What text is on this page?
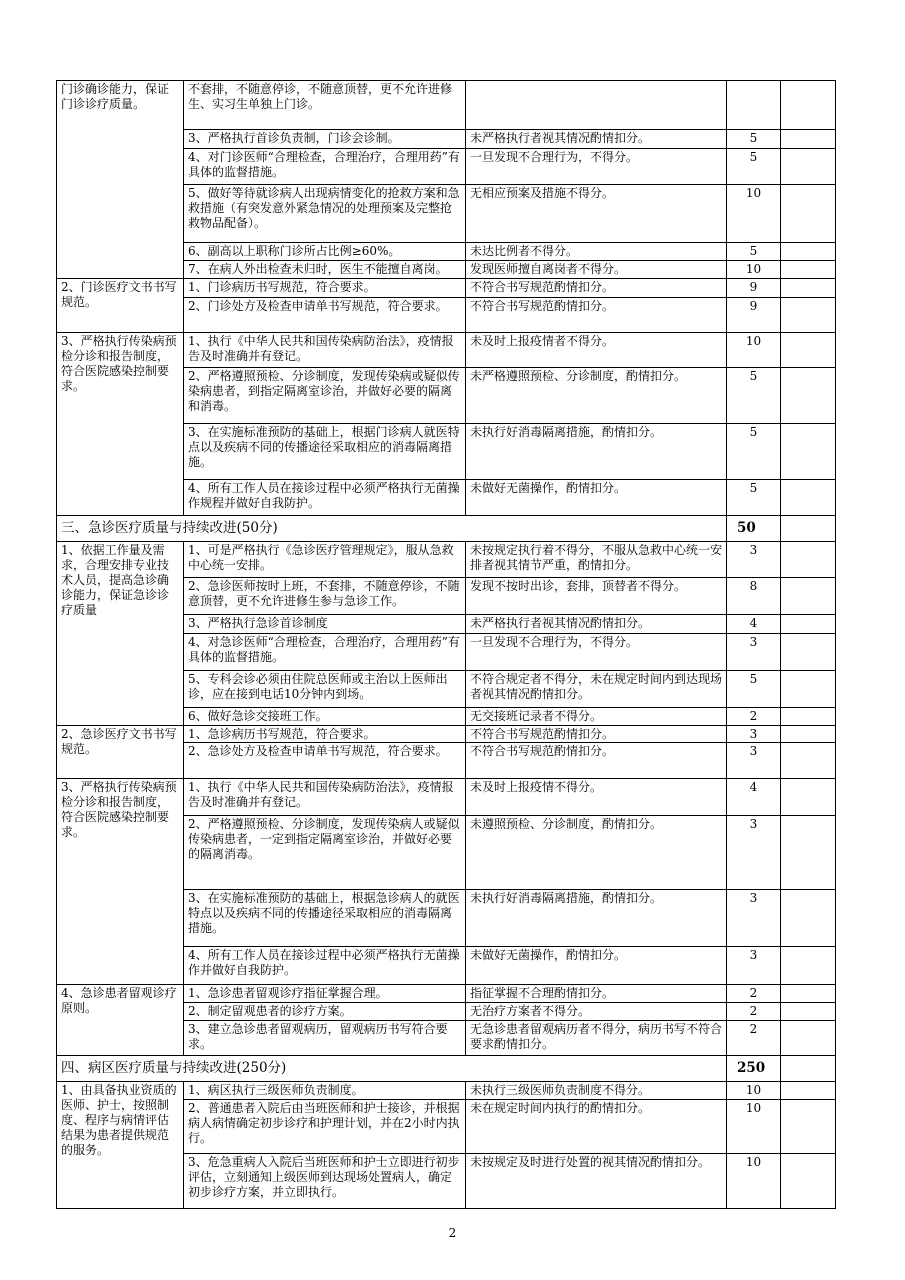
门诊确诊能力，保证门诊诊疗质量。	不套排，不随意停诊，不随意顶替，更不允许进修生、实习生单独上门诊。			
	3、严格执行首诊负责制，门诊会诊制。	未严格执行者视其情况酌情扣分。	5	
	4、对门诊医师“合理检查，合理治疗，合理用药”有具体的监督措施。	一旦发现不合理行为，不得分。	5	
	5、做好等待就诊病人出现病情变化的抢救方案和急救措施（有突发意外紧急情况的处理预案及完整抢救物品配备）。	无相应预案及措施不得分。	10	
	6、副高以上职称门诊所占比例≥60%。	未达比例者不得分。	5	
	7、在病人外出检查未归时，医生不能擅自离岗。	发现医师擅自离岗者不得分。	10	
2、门诊医疗文书书写规范。	1、门诊病历书写规范，符合要求。	不符合书写规范酌情扣分。	9	
	2、门诊处方及检查申请单书写规范，符合要求。	不符合书写规范酌情扣分。	9	
3、严格执行传染病预检分诊和报告制度，符合医院感染控制要求。	1、执行《中华人民共和国传染病防治法》，疫情报告及时准确并有登记。	未及时上报疫情者不得分。	10	
	2、严格遵照预检、分诊制度，发现传染病或疑似传染病患者，到指定隔离室诊治，并做好必要的隔离和消毒。	未严格遵照预检、分诊制度，酌情扣分。	5	
	3、在实施标准预防的基础上，根据门诊病人就医特点以及疾病不同的传播途径采取相应的消毒隔离措施。	未执行好消毒隔离措施，酌情扣分。	5	
	4、所有工作人员在接诊过程中必须严格执行无菌操作规程并做好自我防护。	未做好无菌操作，酌情扣分。	5	
三、急诊医疗质量与持续改进(50分)			50	
1、依据工作量及需求，合理安排专业技术人员，提高急诊确诊能力，保证急诊诊疗质量	1、可是严格执行《急诊医疗管理规定》，服从急救中心统一安排。	未按规定执行着不得分，不服从急救中心统一安排者视其情节严重，酌情扣分。	3	
	2、急诊医师按时上班，不套排，不随意停诊，不随意顶替，更不允许进修生参与急诊工作。	发现不按时出诊，套排，顶替者不得分。	8	
	3、严格执行急诊首诊制度	未严格执行者视其情况酌情扣分。	4	
	4、对急诊医师“合理检查，合理治疗，合理用药”有具体的监督措施。	一旦发现不合理行为，不得分。	3	
	5、专科会诊必须由住院总医师或主治以上医师出诊，应在接到电话10分钟内到场。	不符合规定者不得分，未在规定时间内到达现场者视其情况酌情扣分。	5	
	6、做好急诊交接班工作。	无交接班记录者不得分。	2	
2、急诊医疗文书书写规范。	1、急诊病历书写规范，符合要求。	不符合书写规范酌情扣分。	3	
	2、急诊处方及检查申请单书写规范，符合要求。	不符合书写规范酌情扣分。	3	
3、严格执行传染病预检分诊和报告制度，符合医院感染控制要求。	1、执行《中华人民共和国传染病防治法》，疫情报告及时准确并有登记。	未及时上报疫情不得分。	4	
	2、严格遵照预检、分诊制度，发现传染病人或疑似传染病患者，一定到指定隔离室诊治，并做好必要的隔离消毒。	未遵照预检、分诊制度，酌情扣分。	3	
	3、在实施标准预防的基础上，根据急诊病人的就医特点以及疾病不同的传播途径采取相应的消毒隔离措施。	未执行好消毒隔离措施，酌情扣分。	3	
	4、所有工作人员在接诊过程中必须严格执行无菌操作并做好自我防护。	未做好无菌操作，酌情扣分。	3	
4、急诊患者留观诊疗原则。	1、急诊患者留观诊疗指征掌握合理。	指征掌握不合理酌情扣分。	2	
	2、制定留观患者的诊疗方案。	无治疗方案者不得分。	2	
	3、建立急诊患者留观病历，留观病历书写符合要求。	无急诊患者留观病历者不得分，病历书写不符合要求酌情扣分。	2	
四、病区医疗质量与持续改进(250分)			250	
1、由具备执业资质的医师、护士，按照制度、程序与病情评估结果为患者提供规范的服务。	1、病区执行三级医师负责制度。	未执行三级医师负责制度不得分。	10	
	2、普通患者入院后由当班医师和护士接诊，并根据病人病情确定初步诊疗和护理计划，并在2小时内执行。	未在规定时间内执行的酌情扣分。	10	
	3、危急重病人入院后当班医师和护士立即进行初步评估，立刻通知上级医师到达现场处置病人，确定初步诊疗方案，并立即执行。	未按规定及时进行处置的视其情况酌情扣分。	10	
2
